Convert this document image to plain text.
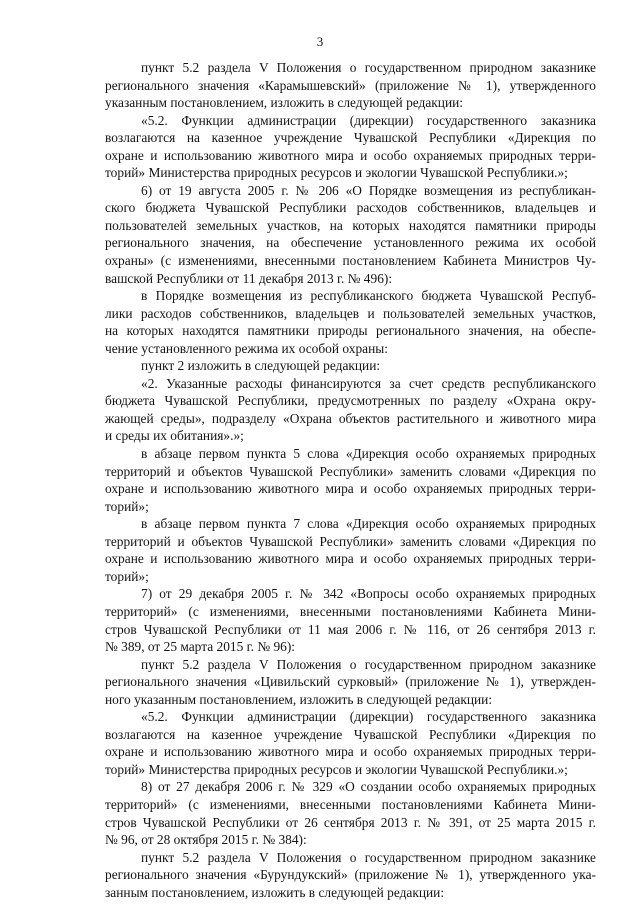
3
пункт 5.2 раздела V Положения о государственном природном заказнике
регионального значения «Карамышевский» (приложение № 1), утвержденного
указанным постановлением, изложить в следующей редакции:
«5.2. Функции администрации (дирекции) государственного заказника
возлагаются на казенное учреждение Чувашской Республики «Дирекция по
охране и использованию животного мира и особо охраняемых природных терри-
торий» Министерства природных ресурсов и экологии Чувашской Республики.»;
6) от 19 августа 2005 г. № 206 «О Порядке возмещения из республикан-
ского бюджета Чувашской Республики расходов собственников, владельцев и
пользователей земельных участков, на которых находятся памятники природы
регионального значения, на обеспечение установленного режима их особой
охраны» (с изменениями, внесенными постановлением Кабинета Министров Чу-
вашской Республики от 11 декабря 2013 г. № 496):
в Порядке возмещения из республиканского бюджета Чувашской Респуб-
лики расходов собственников, владельцев и пользователей земельных участков,
на которых находятся памятники природы регионального значения, на обеспе-
чение установленного режима их особой охраны:
пункт 2 изложить в следующей редакции:
«2. Указанные расходы финансируются за счет средств республиканского
бюджета Чувашской Республики, предусмотренных по разделу «Охрана окру-
жающей среды», подразделу «Охрана объектов растительного и животного мира
и среды их обитания».»;
в абзаце первом пункта 5 слова «Дирекция особо охраняемых природных
территорий и объектов Чувашской Республики» заменить словами «Дирекция по
охране и использованию животного мира и особо охраняемых природных терри-
торий»;
в абзаце первом пункта 7 слова «Дирекция особо охраняемых природных
территорий и объектов Чувашской Республики» заменить словами «Дирекция по
охране и использованию животного мира и особо охраняемых природных терри-
торий»;
7) от 29 декабря 2005 г. № 342 «Вопросы особо охраняемых природных
территорий» (с изменениями, внесенными постановлениями Кабинета Мини-
стров Чувашской Республики от 11 мая 2006 г. № 116, от 26 сентября 2013 г.
№ 389, от 25 марта 2015 г. № 96):
пункт 5.2 раздела V Положения о государственном природном заказнике
регионального значения «Цивильский сурковый» (приложение № 1), утвержден-
ного указанным постановлением, изложить в следующей редакции:
«5.2. Функции администрации (дирекции) государственного заказника
возлагаются на казенное учреждение Чувашской Республики «Дирекция по
охране и использованию животного мира и особо охраняемых природных терри-
торий» Министерства природных ресурсов и экологии Чувашской Республики.»;
8) от 27 декабря 2006 г. № 329 «О создании особо охраняемых природных
территорий» (с изменениями, внесенными постановлениями Кабинета Мини-
стров Чувашской Республики от 26 сентября 2013 г. № 391, от 25 марта 2015 г.
№ 96, от 28 октября 2015 г. № 384):
пункт 5.2 раздела V Положения о государственном природном заказнике
регионального значения «Бурундукский» (приложение № 1), утвержденного ука-
занным постановлением, изложить в следующей редакции:
